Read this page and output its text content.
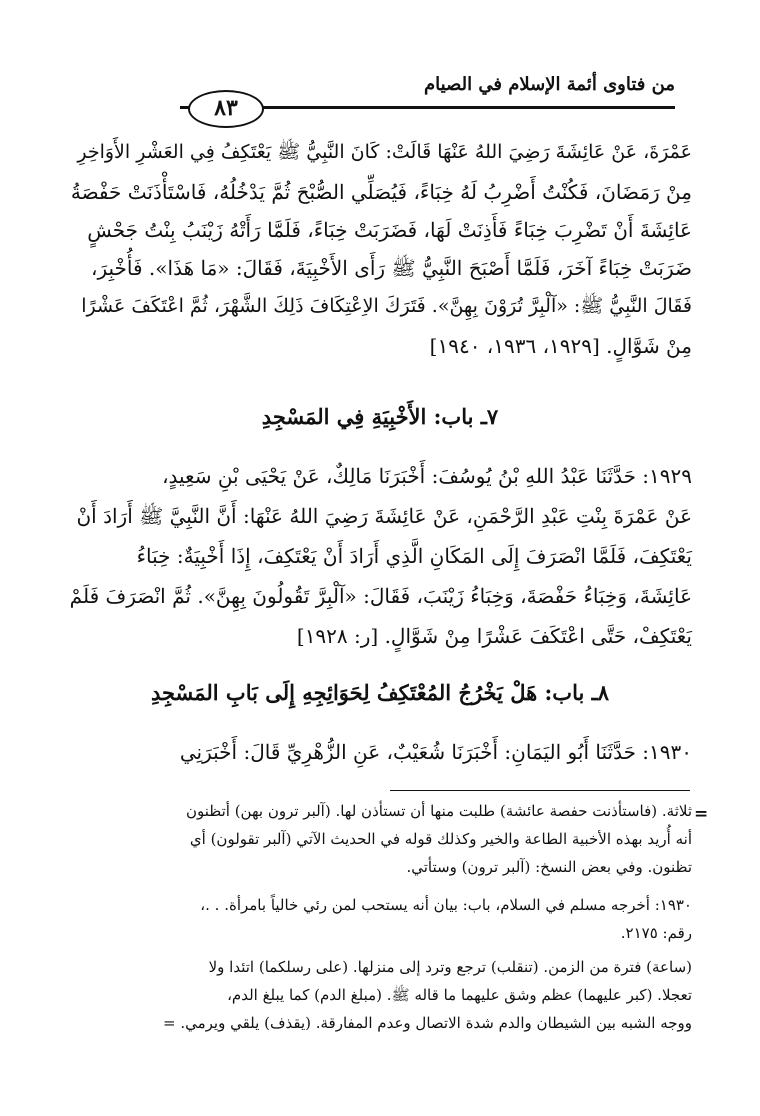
٨٣
من فتاوى أئمة الإسلام في الصيام
عَمْرَةَ، عَنْ عَائِشَةَ رَضِيَ اللهُ عَنْهَا قَالَتْ: كَانَ النَّبِيُّ ﷺ يَعْتَكِفُ فِي العَشْرِ الأَوَاخِرِ
مِنْ رَمَضَانَ، فَكُنْتُ أَضْرِبُ لَهُ خِبَاءً، فَيُصَلِّي الصُّبْحَ ثُمَّ يَدْخُلُهُ، فَاسْتَأْذَنَتْ حَفْصَةُ
عَائِشَةَ أَنْ تَضْرِبَ خِبَاءً فَأَذِنَتْ لَهَا، فَضَرَبَتْ خِبَاءً، فَلَمَّا رَأَتْهُ زَيْنَبُ بِنْتُ جَحْشٍ
ضَرَبَتْ خِبَاءً آخَرَ، فَلَمَّا أَصْبَحَ النَّبِيُّ ﷺ رَأَى الأَخْبِيَةَ، فَقَالَ: «مَا هَذَا». فَأُخْبِرَ،
فَقَالَ النَّبِيُّ ﷺ: «آلْبِرَّ تُرَوْنَ بِهِنَّ». فَتَرَكَ الاِعْتِكَافَ ذَلِكَ الشَّهْرَ، ثُمَّ اعْتَكَفَ عَشْرًا
مِنْ شَوَّالٍ. [١٩٢٩، ١٩٣٦، ١٩٤٠]
٧ـ باب: الأَخْبِيَةِ فِي المَسْجِدِ
١٩٢٩: حَدَّثَنَا عَبْدُ اللهِ بْنُ يُوسُفَ: أَخْبَرَنَا مَالِكٌ، عَنْ يَحْيَى بْنِ سَعِيدٍ،
عَنْ عَمْرَةَ بِنْتِ عَبْدِ الرَّحْمَنِ، عَنْ عَائِشَةَ رَضِيَ اللهُ عَنْهَا: أَنَّ النَّبِيَّ ﷺ أَرَادَ أَنْ
يَعْتَكِفَ، فَلَمَّا انْصَرَفَ إِلَى المَكَانِ الَّذِي أَرَادَ أَنْ يَعْتَكِفَ، إِذَا أَخْبِيَةٌ: خِبَاءُ
عَائِشَةَ، وَخِبَاءُ حَفْصَةَ، وَخِبَاءُ زَيْنَبَ، فَقَالَ: «آلْبِرَّ تَقُولُونَ بِهِنَّ». ثُمَّ انْصَرَفَ فَلَمْ
يَعْتَكِفْ، حَتَّى اعْتَكَفَ عَشْرًا مِنْ شَوَّالٍ. [ر: ١٩٢٨]
٨ـ باب: هَلْ يَخْرُجُ المُعْتَكِفُ لِحَوَائِجِهِ إِلَى بَابِ المَسْجِدِ
١٩٣٠: حَدَّثَنَا أَبُو اليَمَانِ: أَخْبَرَنَا شُعَيْبٌ، عَنِ الزُّهْرِيِّ قَالَ: أَخْبَرَنِي
=
ثلاثة. (فاستأذنت حفصة عائشة) طلبت منها أن تستأذن لها. (آلبر ترون بهن) أتظنون
أنه أُريد بهذه الأخبية الطاعة والخير وكذلك قوله في الحديث الآتي (آلبر تقولون) أي
تظنون. وفي بعض النسخ: (آلبر ترون) وستأتي.
١٩٣٠: أخرجه مسلم في السلام، باب: بيان أنه يستحب لمن رئي خالياً بامرأة. . .،
رقم: ٢١٧٥.
(ساعة) فترة من الزمن. (تنقلب) ترجع وترد إلى منزلها. (على رسلكما) اتئدا ولا
تعجلا. (كبر عليهما) عظم وشق عليهما ما قاله ﷺ. (مبلغ الدم) كما يبلغ الدم،
ووجه الشبه بين الشيطان والدم شدة الاتصال وعدم المفارقة. (يقذف) يلقي ويرمي. =
